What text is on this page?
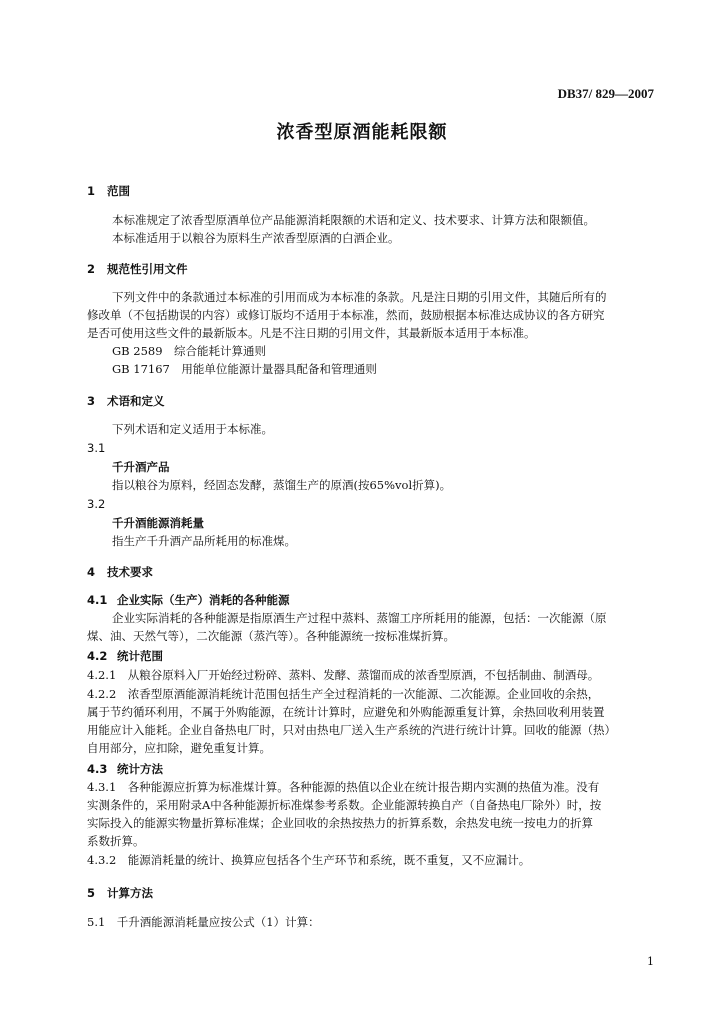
DB37/ 829—2007
浓香型原酒能耗限额
1 范围
本标准规定了浓香型原酒单位产品能源消耗限额的术语和定义、技术要求、计算方法和限额值。
本标准适用于以粮谷为原料生产浓香型原酒的白酒企业。
2 规范性引用文件
下列文件中的条款通过本标准的引用而成为本标准的条款。凡是注日期的引用文件，其随后所有的
修改单（不包括勘误的内容）或修订版均不适用于本标准，然而，鼓励根据本标准达成协议的各方研究
是否可使用这些文件的最新版本。凡是不注日期的引用文件，其最新版本适用于本标准。
GB 2589　综合能耗计算通则
GB 17167　用能单位能源计量器具配备和管理通则
3 术语和定义
下列术语和定义适用于本标准。
3.1
千升酒产品
指以粮谷为原料，经固态发酵，蒸馏生产的原酒(按65%vol折算)。
3.2
千升酒能源消耗量
指生产千升酒产品所耗用的标准煤。
4 技术要求
4.1 企业实际（生产）消耗的各种能源
企业实际消耗的各种能源是指原酒生产过程中蒸料、蒸馏工序所耗用的能源，包括：一次能源（原
煤、油、天然气等），二次能源（蒸汽等）。各种能源统一按标准煤折算。
4.2 统计范围
4.2.1　从粮谷原料入厂开始经过粉碎、蒸料、发酵、蒸馏而成的浓香型原酒，不包括制曲、制酒母。
4.2.2　浓香型原酒能源消耗统计范围包括生产全过程消耗的一次能源、二次能源。企业回收的余热，
属于节约循环利用，不属于外购能源，在统计计算时，应避免和外购能源重复计算，余热回收利用装置
用能应计入能耗。企业自备热电厂时，只对由热电厂送入生产系统的汽进行统计计算。回收的能源（热）
自用部分，应扣除，避免重复计算。
4.3 统计方法
4.3.1　各种能源应折算为标准煤计算。各种能源的热值以企业在统计报告期内实测的热值为准。没有
实测条件的，采用附录A中各种能源折标准煤参考系数。企业能源转换自产（自备热电厂除外）时，按
实际投入的能源实物量折算标准煤；企业回收的余热按热力的折算系数，余热发电统一按电力的折算
系数折算。
4.3.2　能源消耗量的统计、换算应包括各个生产环节和系统，既不重复，又不应漏计。
5 计算方法
5.1　千升酒能源消耗量应按公式（1）计算：
1
